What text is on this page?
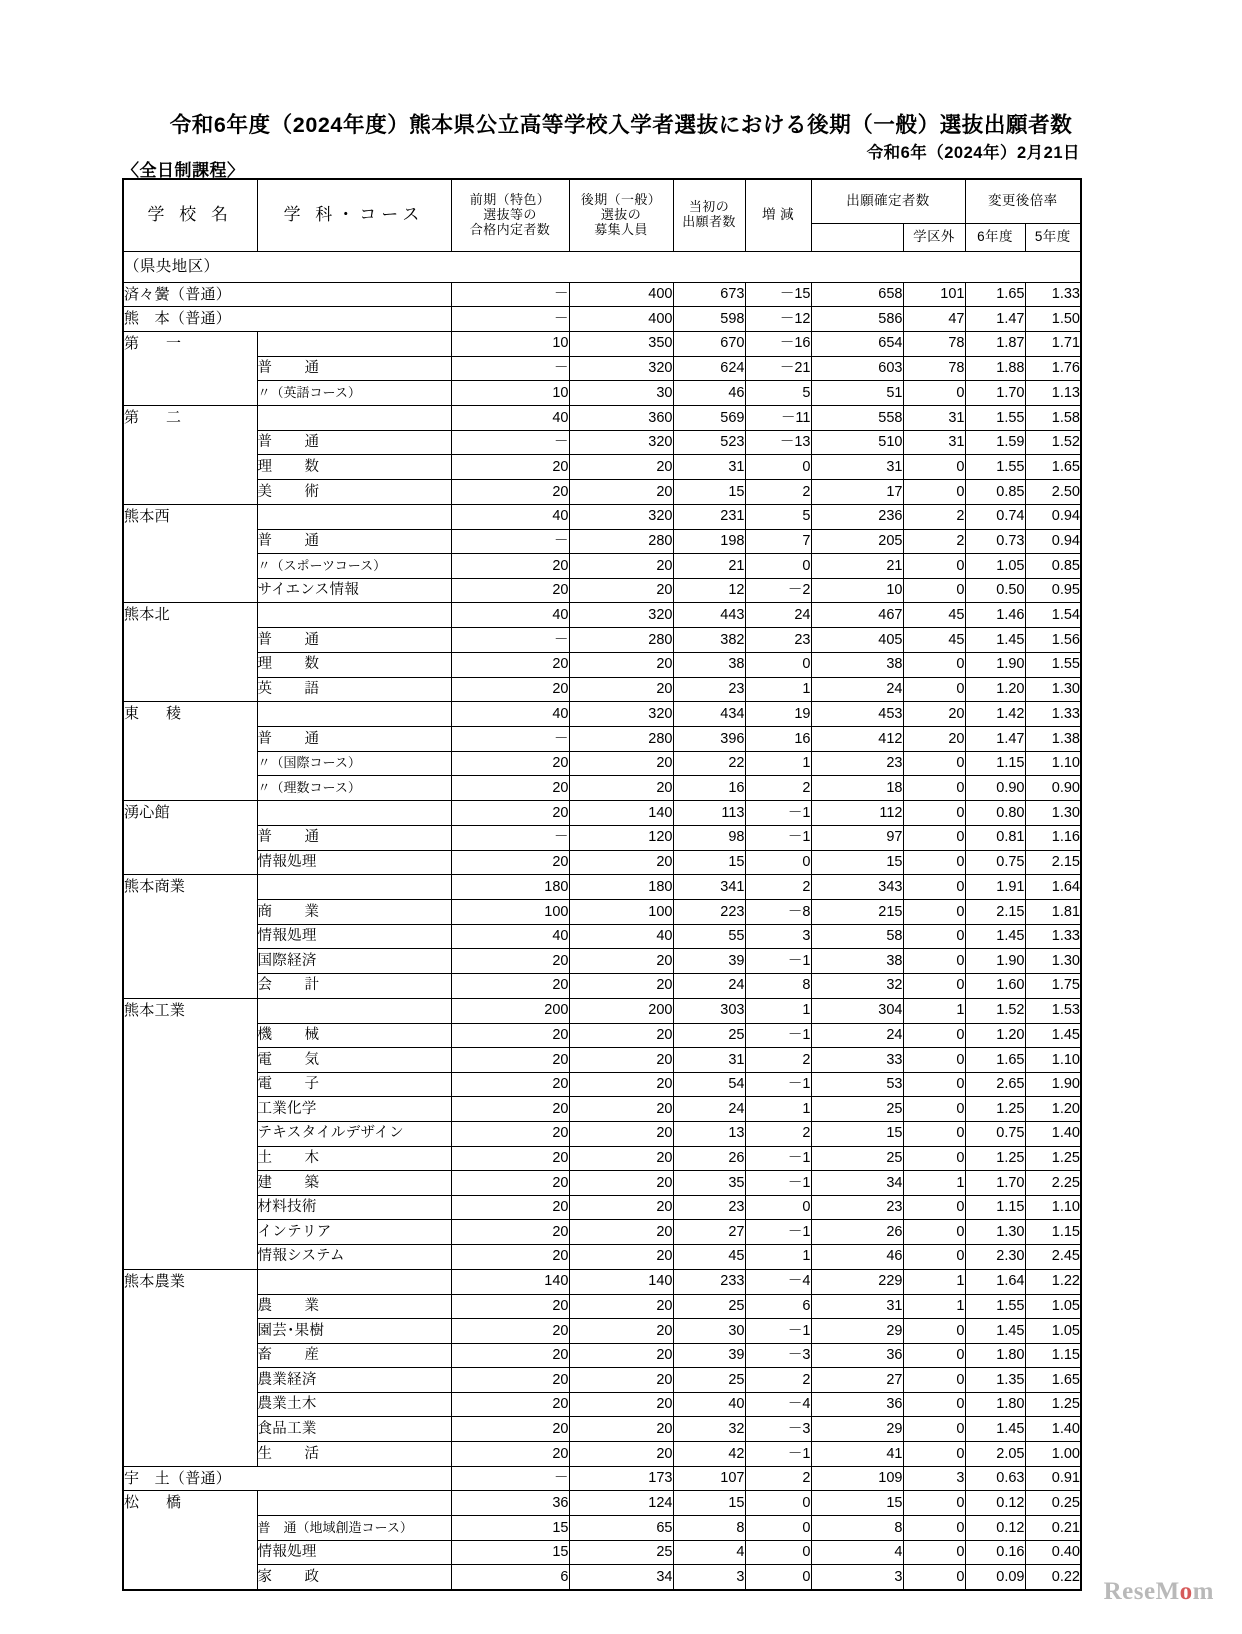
令和6年度（2024年度）熊本県公立高等学校入学者選抜における後期（一般）選抜出願者数
令和6年（2024年）2月21日
〈全日制課程〉
学 校 名	学 科・コース	前期（特色）
選抜等の
合格内定者数	後期（一般）
選抜の
募集人員	当初の
出願者数	増 減	出願確定者数		変更後倍率	
							学区外	6年度	5年度
（県央地区）									
済々黌（普通）		－	400	673	－15	658	101	1.65	1.33
熊　本（普通）		－	400	598	－12	586	47	1.47	1.50
第　一		10	350	670	－16	654	78	1.87	1.71
	普　通	－	320	624	－21	603	78	1.88	1.76
	〃（英語コース）	10	30	46	5	51	0	1.70	1.13
第　二		40	360	569	－11	558	31	1.55	1.58
	普　通	－	320	523	－13	510	31	1.59	1.52
	理　数	20	20	31	0	31	0	1.55	1.65
	美　術	20	20	15	2	17	0	0.85	2.50
熊本西		40	320	231	5	236	2	0.74	0.94
	普　通	－	280	198	7	205	2	0.73	0.94
	〃（スポーツコース）	20	20	21	0	21	0	1.05	0.85
	サイエンス情報	20	20	12	－2	10	0	0.50	0.95
熊本北		40	320	443	24	467	45	1.46	1.54
	普　通	－	280	382	23	405	45	1.45	1.56
	理　数	20	20	38	0	38	0	1.90	1.55
	英　語	20	20	23	1	24	0	1.20	1.30
東　稜		40	320	434	19	453	20	1.42	1.33
	普　通	－	280	396	16	412	20	1.47	1.38
	〃（国際コース）	20	20	22	1	23	0	1.15	1.10
	〃（理数コース）	20	20	16	2	18	0	0.90	0.90
湧心館		20	140	113	－1	112	0	0.80	1.30
	普　通	－	120	98	－1	97	0	0.81	1.16
	情報処理	20	20	15	0	15	0	0.75	2.15
熊本商業		180	180	341	2	343	0	1.91	1.64
	商　業	100	100	223	－8	215	0	2.15	1.81
	情報処理	40	40	55	3	58	0	1.45	1.33
	国際経済	20	20	39	－1	38	0	1.90	1.30
	会　計	20	20	24	8	32	0	1.60	1.75
熊本工業		200	200	303	1	304	1	1.52	1.53
	機　械	20	20	25	－1	24	0	1.20	1.45
	電　気	20	20	31	2	33	0	1.65	1.10
	電　子	20	20	54	－1	53	0	2.65	1.90
	工業化学	20	20	24	1	25	0	1.25	1.20
	テキスタイルデザイン	20	20	13	2	15	0	0.75	1.40
	土　木	20	20	26	－1	25	0	1.25	1.25
	建　築	20	20	35	－1	34	1	1.70	2.25
	材料技術	20	20	23	0	23	0	1.15	1.10
	インテリア	20	20	27	－1	26	0	1.30	1.15
	情報システム	20	20	45	1	46	0	2.30	2.45
熊本農業		140	140	233	－4	229	1	1.64	1.22
	農　業	20	20	25	6	31	1	1.55	1.05
	園芸･果樹	20	20	30	－1	29	0	1.45	1.05
	畜　産	20	20	39	－3	36	0	1.80	1.15
	農業経済	20	20	25	2	27	0	1.35	1.65
	農業土木	20	20	40	－4	36	0	1.80	1.25
	食品工業	20	20	32	－3	29	0	1.45	1.40
	生　活	20	20	42	－1	41	0	2.05	1.00
宇　土（普通）		－	173	107	2	109	3	0.63	0.91
松　橋		36	124	15	0	15	0	0.12	0.25
	普　通（地域創造コース）	15	65	8	0	8	0	0.12	0.21
	情報処理	15	25	4	0	4	0	0.16	0.40
	家　政	6	34	3	0	3	0	0.09	0.22
ReseMom
